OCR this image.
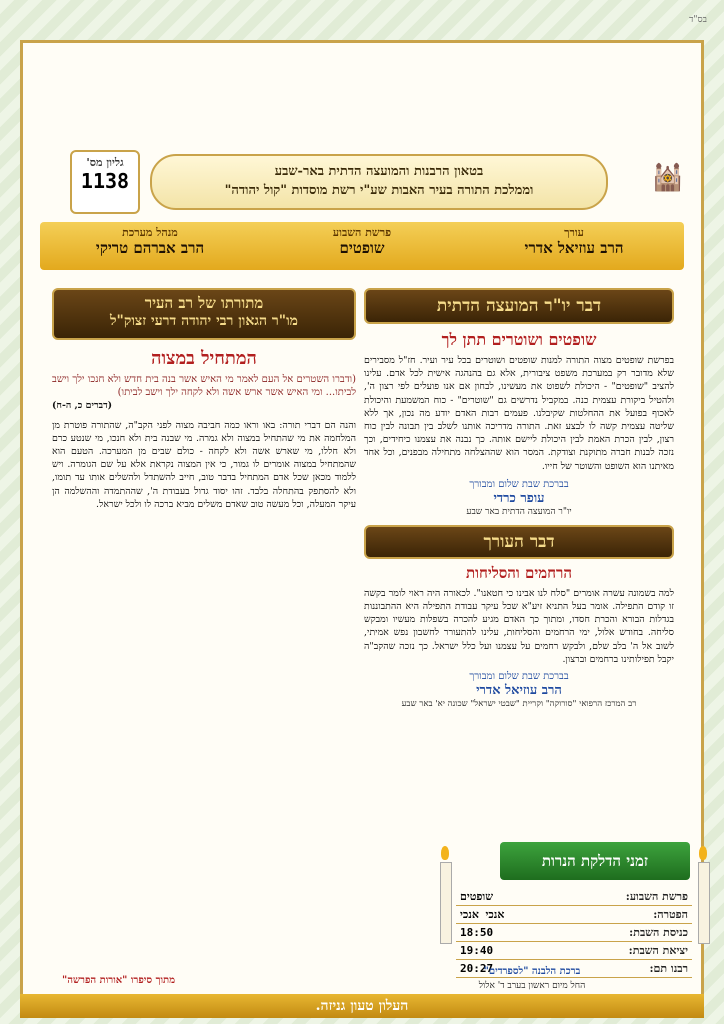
בס"ד
גליון מס'
1138	בטאון הרבנות והמועצה הדתית באר-שבע
וממלכת התורה בעיר האבות שע"י רשת מוסדות "קול יהודה"	🕍
עורך
הרב עוזיאל אדרי
פרשת השבוע
שופטים
מנהל מערכת
הרב אברהם טריקי
דבר יו"ר המועצה הדתית
שופטים ושוטרים תתן לך
בפרשת שופטים מצוה התורה למנות שופטים ושוטרים בכל עיר ועיר. חז"ל מסבירים שלא מדובר רק במערכת משפט ציבורית, אלא גם בהנהגה אישית לכל אדם. עלינו להציב "שופטים" - היכולת לשפוט את מעשינו, לבחון אם אנו פועלים לפי רצון ה', ולהטיל ביקורת עצמית כנה. במקביל נדרשים גם "שוטרים" - כוח המשמעת והיכולת לאכוף בפועל את ההחלטות שקיבלנו. פעמים רבות האדם יודע מה נכון, אך ללא שליטה עצמית קשה לו לבצע זאת. התורה מדריכה אותנו לשלב בין תבונה לבין כוח רצון, לבין הכרת האמת לבין היכולת ליישם אותה. כך נבנה את עצמנו כיחידים, וכך נזכה לבנות חברה מתוקנת וצודקת. המסר הוא שההצלחה מתחילה מבפנים, וכל אחד מאיתנו הוא השופט והשוטר של חייו.
בברכת שבת שלום ומבורך
עופר כרדי
יו"ר המועצה הדתית באר שבע
דבר העורך
הרחמים והסליחות
למה בשמונה עשרה אומרים "סלח לנו אבינו כי חטאנו". לכאורה היה ראוי לומר בקשה זו קודם התפילה. אומר בעל התניא זיע"א שכל עיקר עבודת התפילה היא ההתבוננות בגדלות הבורא והכרת חסדו, ומתוך כך האדם מגיע להכרה בשפלות מעשיו ומבקש סליחה. בחודש אלול, ימי הרחמים והסליחות, עלינו להתעורר לחשבון נפש אמיתי, לשוב אל ה' בלב שלם, ולבקש רחמים על עצמנו ועל כלל ישראל. כך נזכה שהקב"ה יקבל תפילותינו ברחמים וברצון.
בברכת שבת שלום ומבורך
הרב עוזיאל אדרי
רב המרכז הרפואי "סורוקה" וקריית "שבטי ישראל" שכונה יא' באר שבע
מתורתו של רב העיר
מו"ר הגאון רבי יהודה דרעי זצוק"ל
המתחיל במצוה
(ודברו השטרים אל העם לאמר מי האיש אשר בנה בית חדש ולא חנכו ילך וישב לביתו... ומי האיש אשר ארש אשה ולא לקחה ילך וישב לביתו)
(דברים כ, ה-ח)
והנה הם דברי תורה: באו וראו כמה חביבה מצוה לפני הקב"ה, שהתורה פוטרת מן המלחמה את מי שהתחיל במצוה ולא גמרה. מי שבנה בית ולא חנכו, מי שנטע כרם ולא חללו, מי שארש אשה ולא לקחה - כולם שבים מן המערכה. הטעם הוא שהמתחיל במצוה אומרים לו גמור, כי אין המצוה נקראת אלא על שם הגומרה. ויש ללמוד מכאן שכל אדם המתחיל בדבר טוב, חייב להשתדל ולהשלים אותו עד תומו, ולא להסתפק בהתחלה בלבד. זהו יסוד גדול בעבודת ה', שההתמדה וההשלמה הן עיקר המעלה, וכל מעשה טוב שאדם משלים מביא ברכה לו ולכל ישראל.
מתוך סיפרו "אורות הפרשה"
זמני הדלקת הנרות
פרשת השבוע:
שופטים
הפטרה:
אנכי אנכי
כניסת השבת:
18:50
יציאת השבת:
19:40
רבנו תם:
20:27
ברכת הלבנה "לספרדים"
החל מיום ראשון בערב ד' אלול
העלון טעון גניזה.
